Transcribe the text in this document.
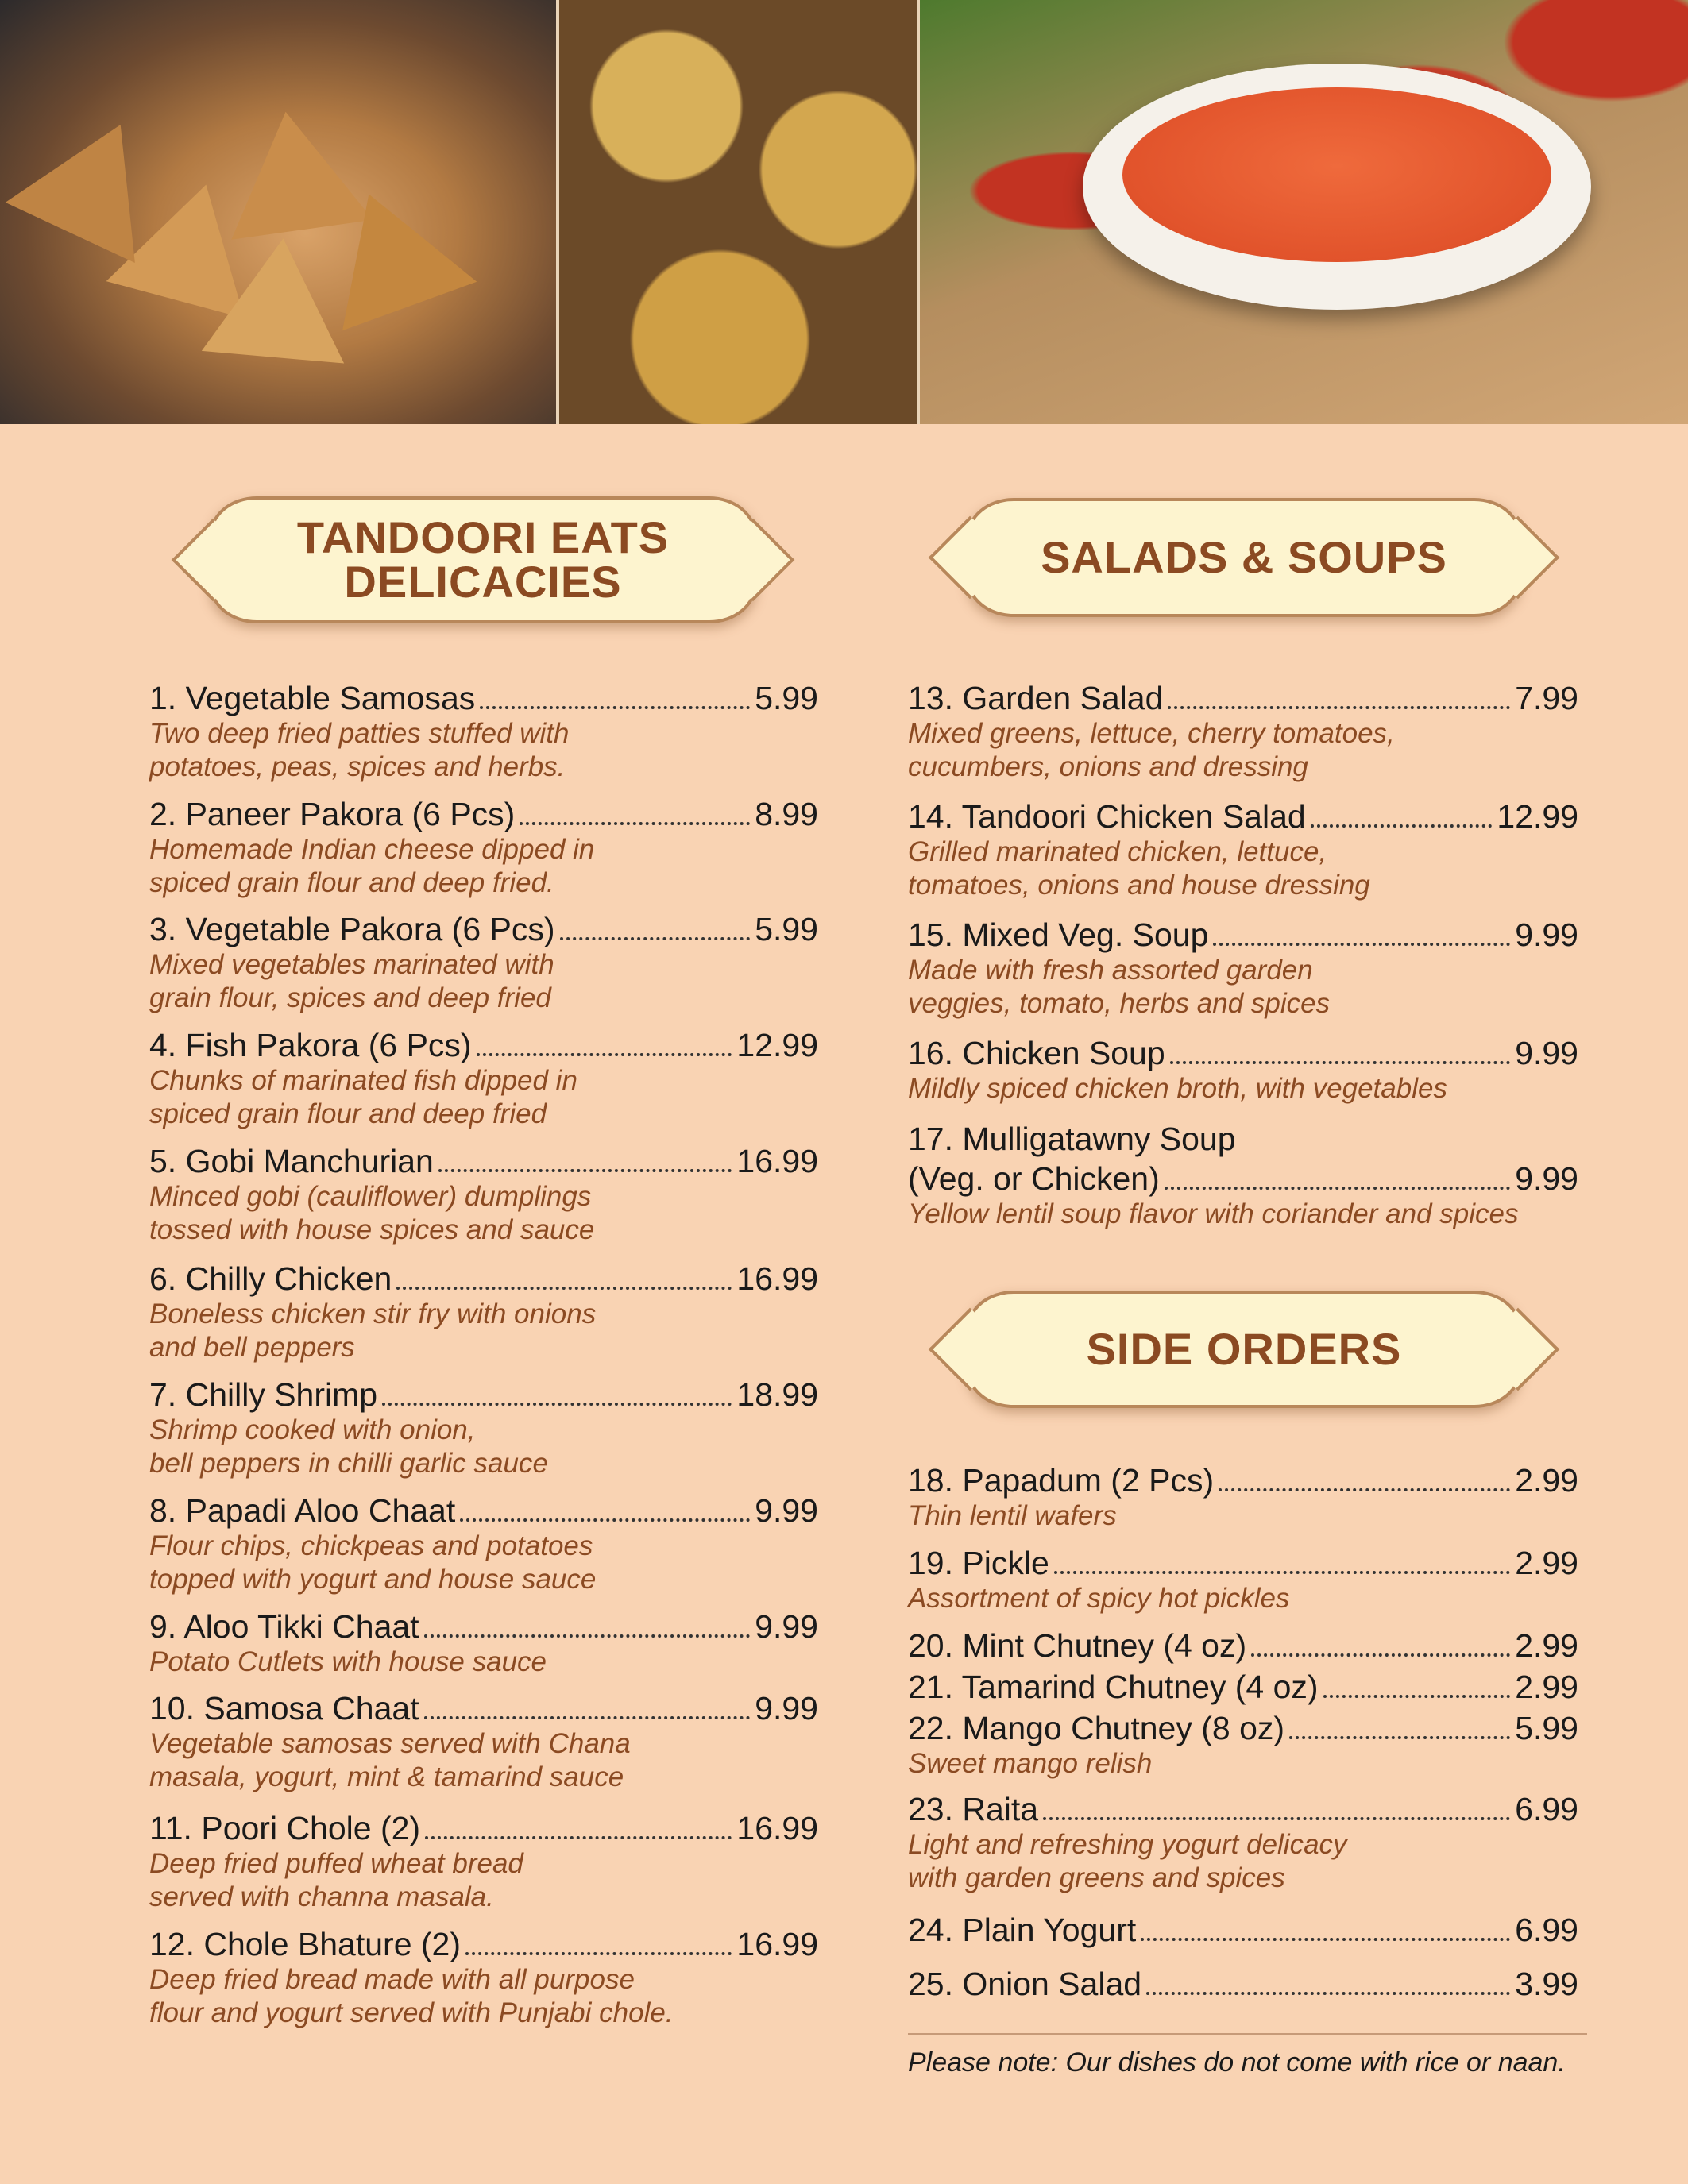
TANDOORI EATS
DELICACIES	SALADS & SOUPS
SIDE ORDERS
1. Vegetable Samosas	5.99
Two deep fried patties stuffed with
potatoes, peas, spices and herbs.
2. Paneer Pakora (6 Pcs)	8.99
Homemade Indian cheese dipped in
spiced grain flour and deep fried.
3. Vegetable Pakora (6 Pcs)	5.99
Mixed vegetables marinated with
grain flour, spices and deep fried
4. Fish Pakora (6 Pcs)	12.99
Chunks of marinated fish dipped in
spiced grain flour and deep fried
5. Gobi Manchurian	16.99
Minced gobi (cauliflower) dumplings
tossed with house spices and sauce
6. Chilly Chicken	16.99
Boneless chicken stir fry with onions
and bell peppers
7. Chilly Shrimp	18.99
Shrimp cooked with onion,
bell peppers in chilli garlic sauce
8. Papadi Aloo Chaat	9.99
Flour chips, chickpeas and potatoes
topped with yogurt and house sauce
9. Aloo Tikki Chaat	9.99
Potato Cutlets with house sauce
10. Samosa Chaat	9.99
Vegetable samosas served with Chana
masala, yogurt, mint & tamarind sauce
11. Poori Chole (2)	16.99
Deep fried puffed wheat bread
served with channa masala.
12. Chole Bhature (2)	16.99
Deep fried bread made with all purpose
flour and yogurt served with Punjabi chole.
13. Garden Salad	7.99
Mixed greens, lettuce, cherry tomatoes,
cucumbers, onions and dressing
14. Tandoori Chicken Salad	12.99
Grilled marinated chicken, lettuce,
tomatoes, onions and house dressing
15. Mixed Veg. Soup	9.99
Made with fresh assorted garden
veggies, tomato, herbs and spices
16. Chicken Soup	9.99
Mildly spiced chicken broth, with vegetables
17. Mulligatawny Soup
(Veg. or Chicken)	9.99
Yellow lentil soup flavor with coriander and spices
18. Papadum (2 Pcs)	2.99
Thin lentil wafers
19. Pickle	2.99
Assortment of spicy hot pickles
20. Mint Chutney (4 oz)	2.99
21. Tamarind Chutney (4 oz)	2.99
22. Mango Chutney (8 oz)	5.99
Sweet mango relish
23. Raita	6.99
Light and refreshing yogurt delicacy
with garden greens and spices
24. Plain Yogurt	6.99
25. Onion Salad	3.99
Please note: Our dishes do not come with rice or naan.
